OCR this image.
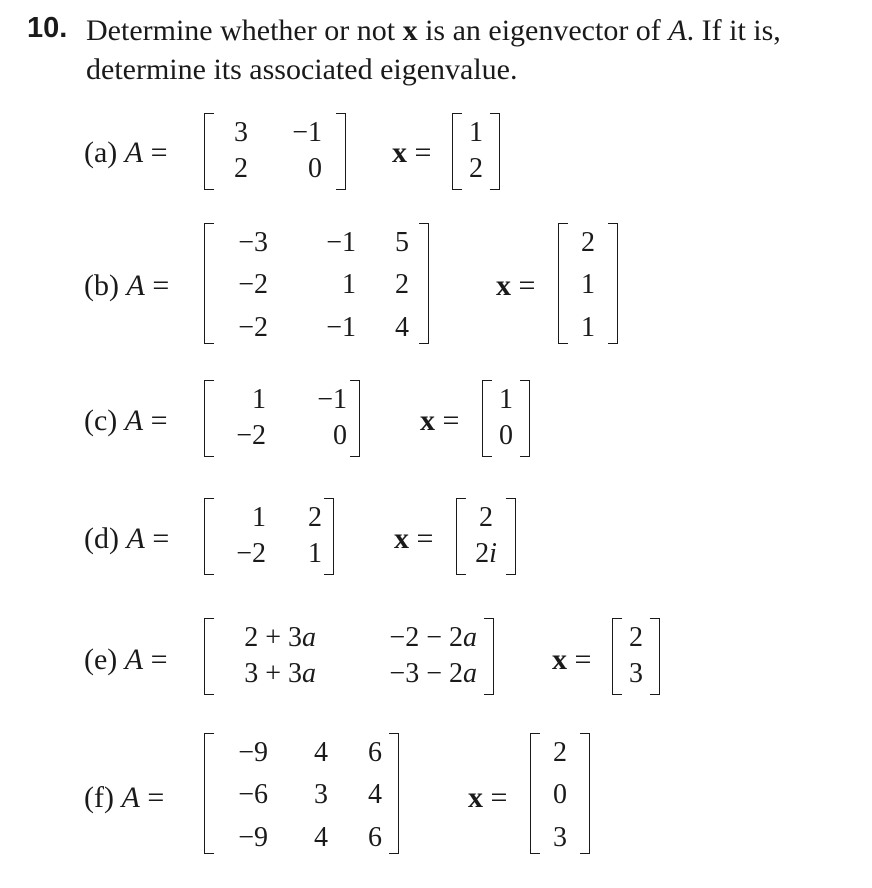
10. Determine whether or not x is an eigenvector of A. If it is,
determine its associated eigenvalue.
(a) A =
3 −1
2 0 x =
1
2
(b) A =
−3 −1 5
−2	1 2
−2 −1 4
x =
2
1
1
(c) A =
1 −1
−2 0 x =
1
0
(d) A =
1 2
−2 1 x =
2
2i
(e) A =
2 + 3a	−2 − 2a
3 + 3a	−3 − 2a	x =
2
3
(f) A =
−9 4 6
−6 3 4
−9 4 6
x =
2
0
3
